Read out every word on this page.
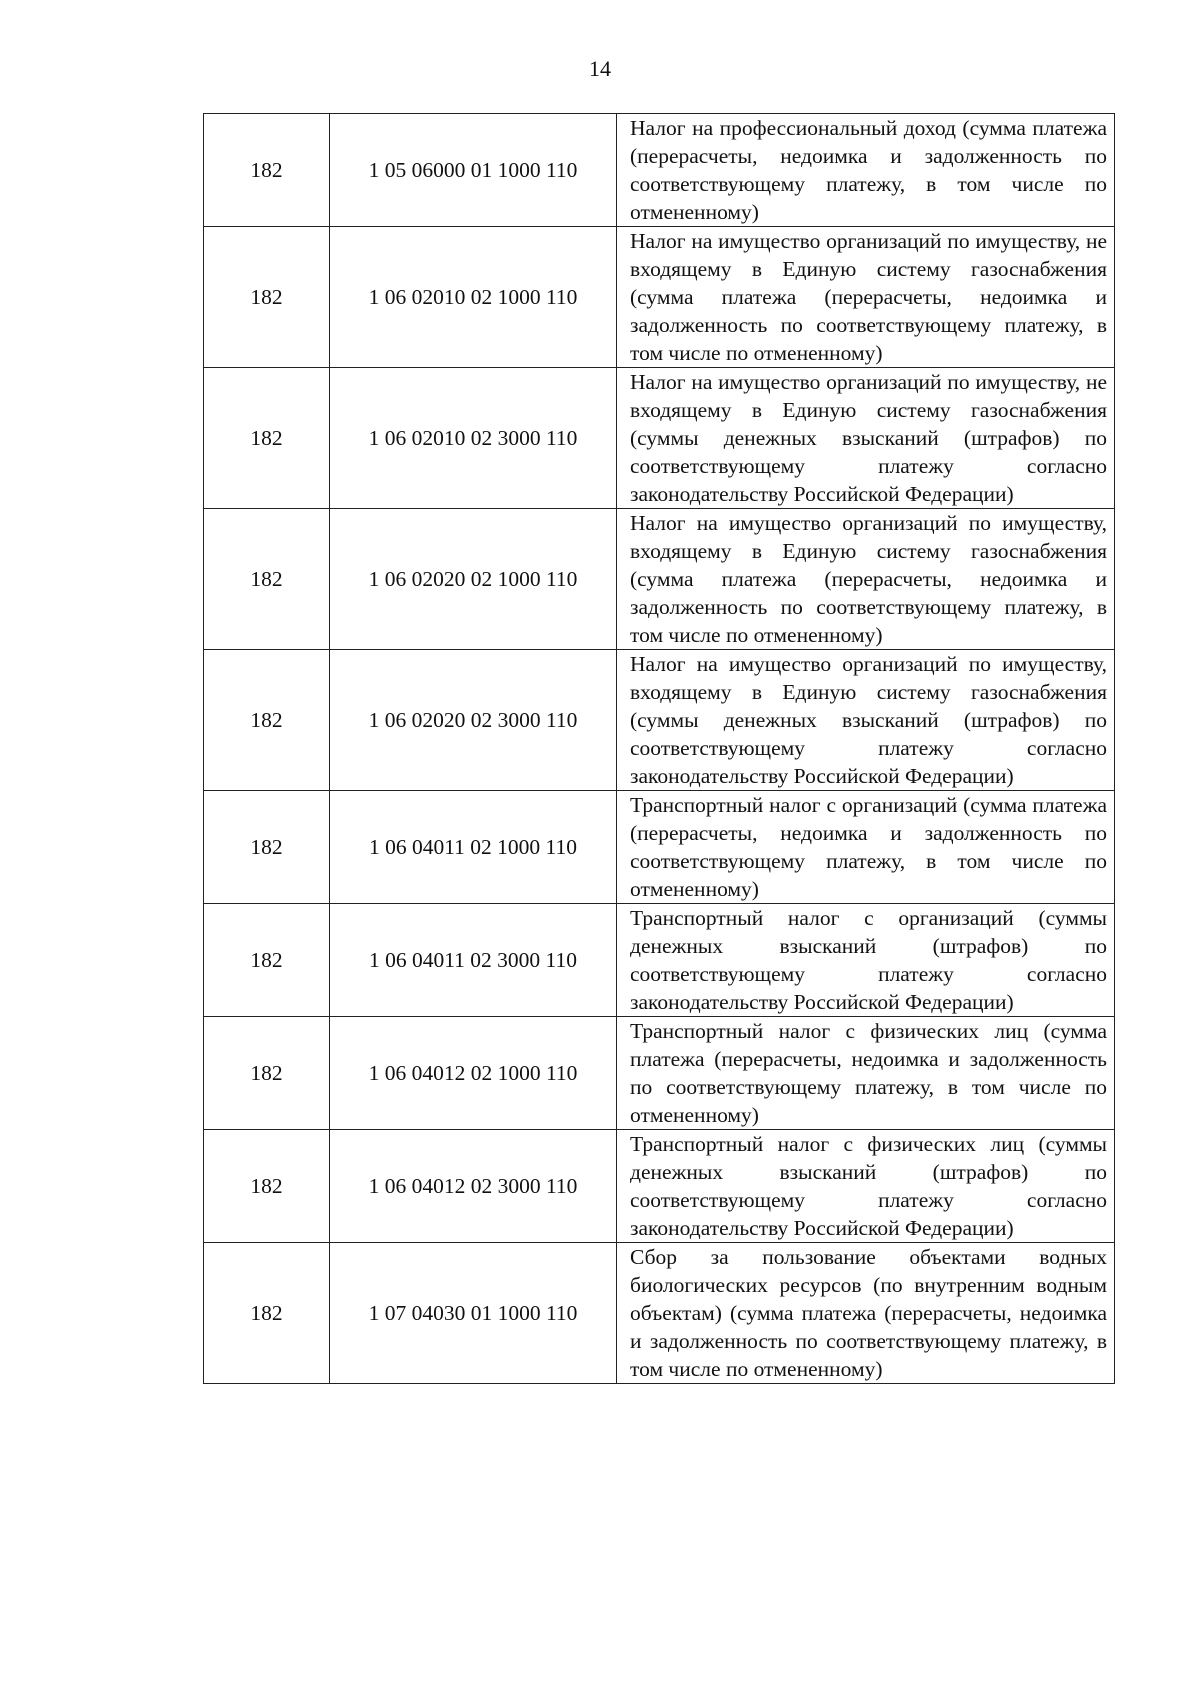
14
182	1 05 06000 01 1000 110	Налог на профессиональный доход (сумма платежа (перерасчеты, недоимка и задолженность по соответствующему платежу, в том числе по отмененному)
182	1 06 02010 02 1000 110	Налог на имущество организаций по имуществу, не входящему в Единую систему газоснабжения (сумма платежа (перерасчеты, недоимка и задолженность по соответствующему платежу, в том числе по отмененному)
182	1 06 02010 02 3000 110	Налог на имущество организаций по имуществу, не входящему в Единую систему газоснабжения (суммы денежных взысканий (штрафов) по соответствующему платежу согласно законодательству Российской Федерации)
182	1 06 02020 02 1000 110	Налог на имущество организаций по имуществу, входящему в Единую систему газоснабжения (сумма платежа (перерасчеты, недоимка и задолженность по соответствующему платежу, в том числе по отмененному)
182	1 06 02020 02 3000 110	Налог на имущество организаций по имуществу, входящему в Единую систему газоснабжения (суммы денежных взысканий (штрафов) по соответствующему платежу согласно законодательству Российской Федерации)
182	1 06 04011 02 1000 110	Транспортный налог с организаций (сумма платежа (перерасчеты, недоимка и задолженность по соответствующему платежу, в том числе по отмененному)
182	1 06 04011 02 3000 110	Транспортный налог с организаций (суммы денежных взысканий (штрафов) по соответствующему платежу согласно законодательству Российской Федерации)
182	1 06 04012 02 1000 110	Транспортный налог с физических лиц (сумма платежа (перерасчеты, недоимка и задолженность по соответствующему платежу, в том числе по отмененному)
182	1 06 04012 02 3000 110	Транспортный налог с физических лиц (суммы денежных взысканий (штрафов) по соответствующему платежу согласно законодательству Российской Федерации)
182	1 07 04030 01 1000 110	Сбор за пользование объектами водных биологических ресурсов (по внутренним водным объектам) (сумма платежа (перерасчеты, недоимка и задолженность по соответствующему платежу, в том числе по отмененному)
